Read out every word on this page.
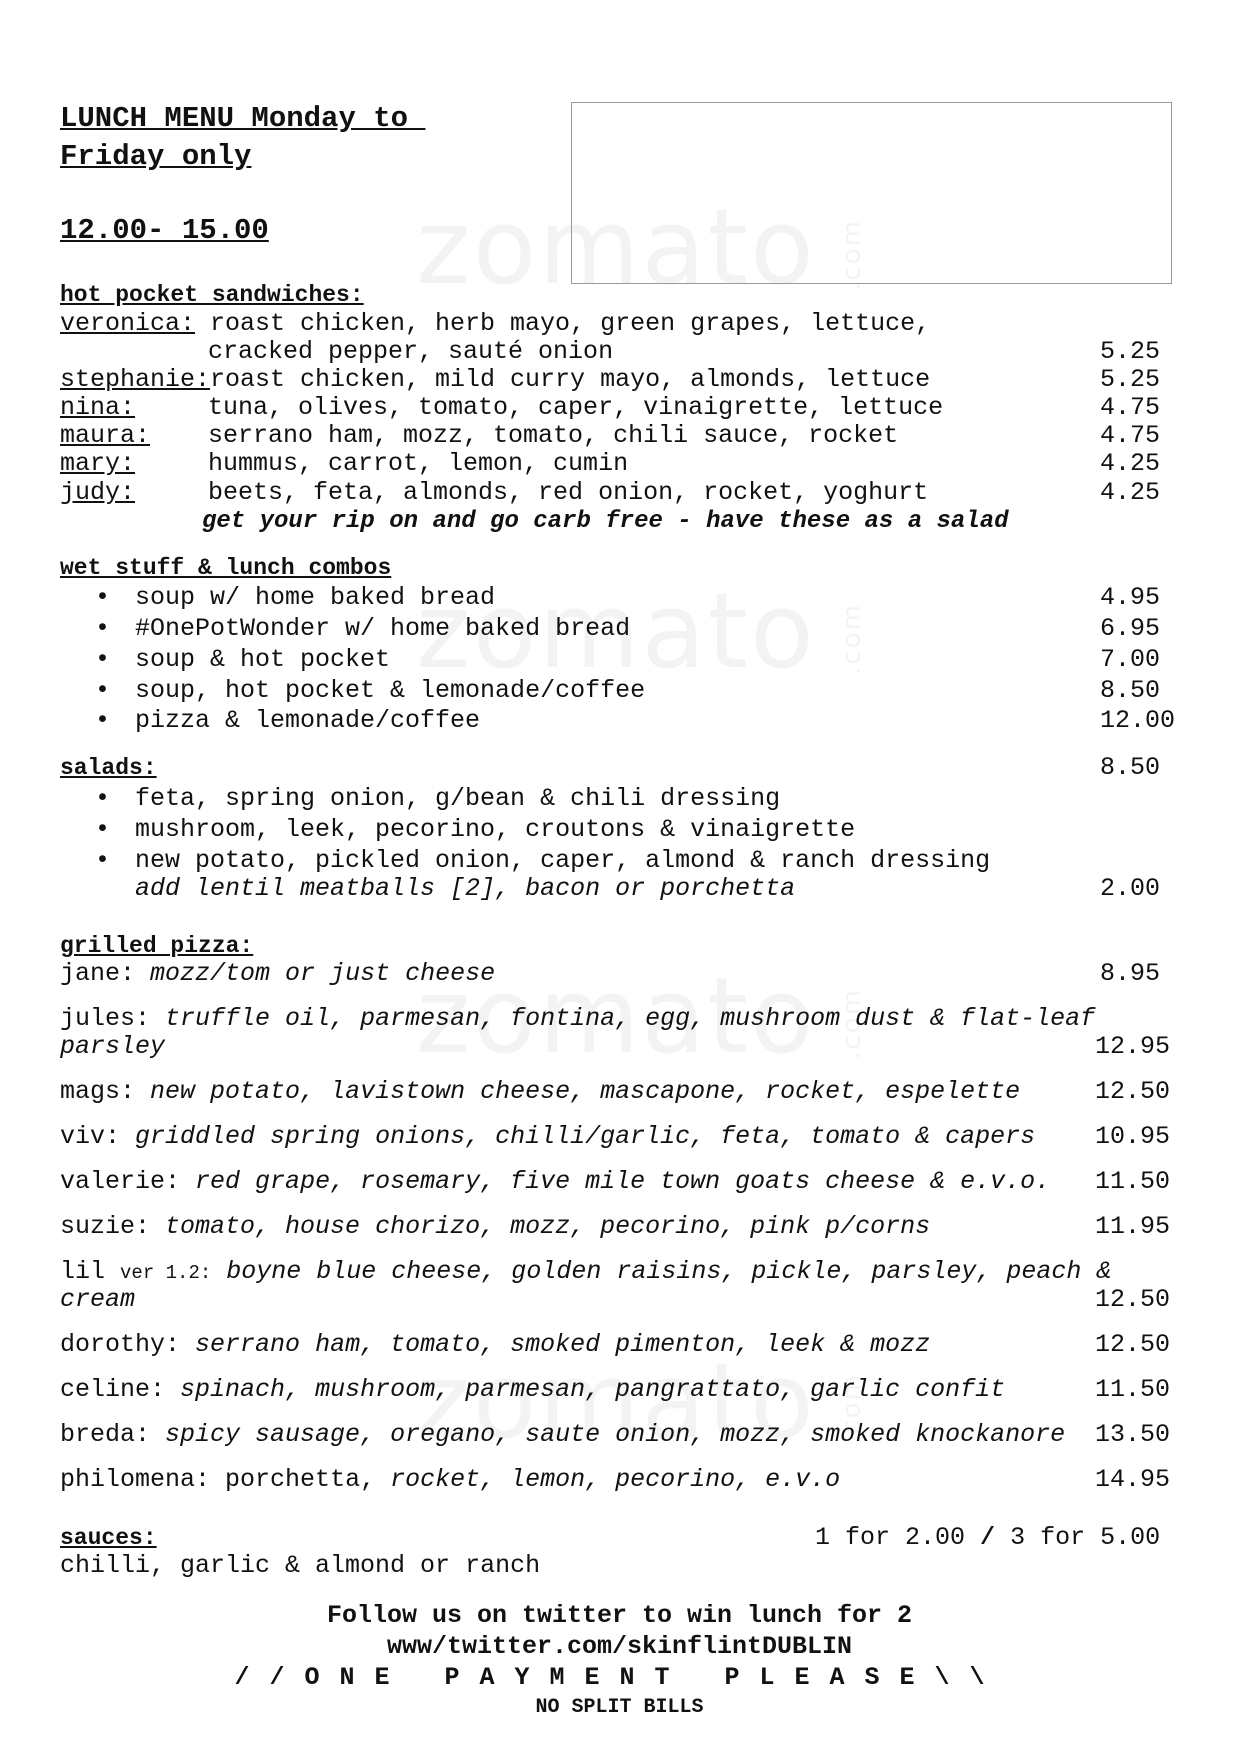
LUNCH MENU Monday to
Friday only
12.00- 15.00
hot pocket sandwiches:
veronica: roast chicken, herb mayo, green grapes, lettuce,
cracked pepper, sauté onion	5.25
stephanie: roast chicken, mild curry mayo, almonds, lettuce	5.25
nina:	tuna, olives, tomato, caper, vinaigrette, lettuce	4.75
maura: serrano ham, mozz, tomato, chili sauce, rocket	4.75
mary:	hummus, carrot, lemon, cumin	4.25
judy:	beets, feta, almonds, red onion, rocket, yoghurt	4.25
get your rip on and go carb free - have these as a salad
wet stuff & lunch combos
• soup w/ home baked bread	4.95
• #OnePotWonder w/ home baked bread	6.95
• soup & hot pocket	7.00
• soup, hot pocket & lemonade/coffee	8.50
• pizza & lemonade/coffee	12.00
salads:	8.50
• feta, spring onion, g/bean & chili dressing
• mushroom, leek, pecorino, croutons & vinaigrette
• new potato, pickled onion, caper, almond & ranch dressing
add lentil meatballs [2], bacon or porchetta	2.00
grilled pizza:
jane: mozz/tom or just cheese	8.95
jules: truffle oil, parmesan, fontina, egg, mushroom dust & flat-leaf
parsley	12.95
mags: new potato, lavistown cheese, mascapone, rocket, espelette	12.50
viv: griddled spring onions, chilli/garlic, feta, tomato & capers 10.95
valerie: red grape, rosemary, five mile town goats cheese & e.v.o. 11.50
suzie: tomato, house chorizo, mozz, pecorino, pink p/corns	11.95
lil ver 1.2: boyne blue cheese, golden raisins, pickle, parsley, peach &
cream	12.50
dorothy: serrano ham, tomato, smoked pimenton, leek & mozz	12.50
celine: spinach, mushroom, parmesan, pangrattato, garlic confit	11.50
breda: spicy sausage, oregano, saute onion, mozz, smoked knockanore 13.50
philomena: porchetta, rocket, lemon, pecorino, e.v.o	14.95
sauces:	1 for 2.00 / 3 for 5.00
chilli, garlic & almond or ranch
Follow us on twitter to win lunch for 2
www/twitter.com/skinflintDUBLIN
//ONE PAYMENT PLEASE\\
NO SPLIT BILLS
